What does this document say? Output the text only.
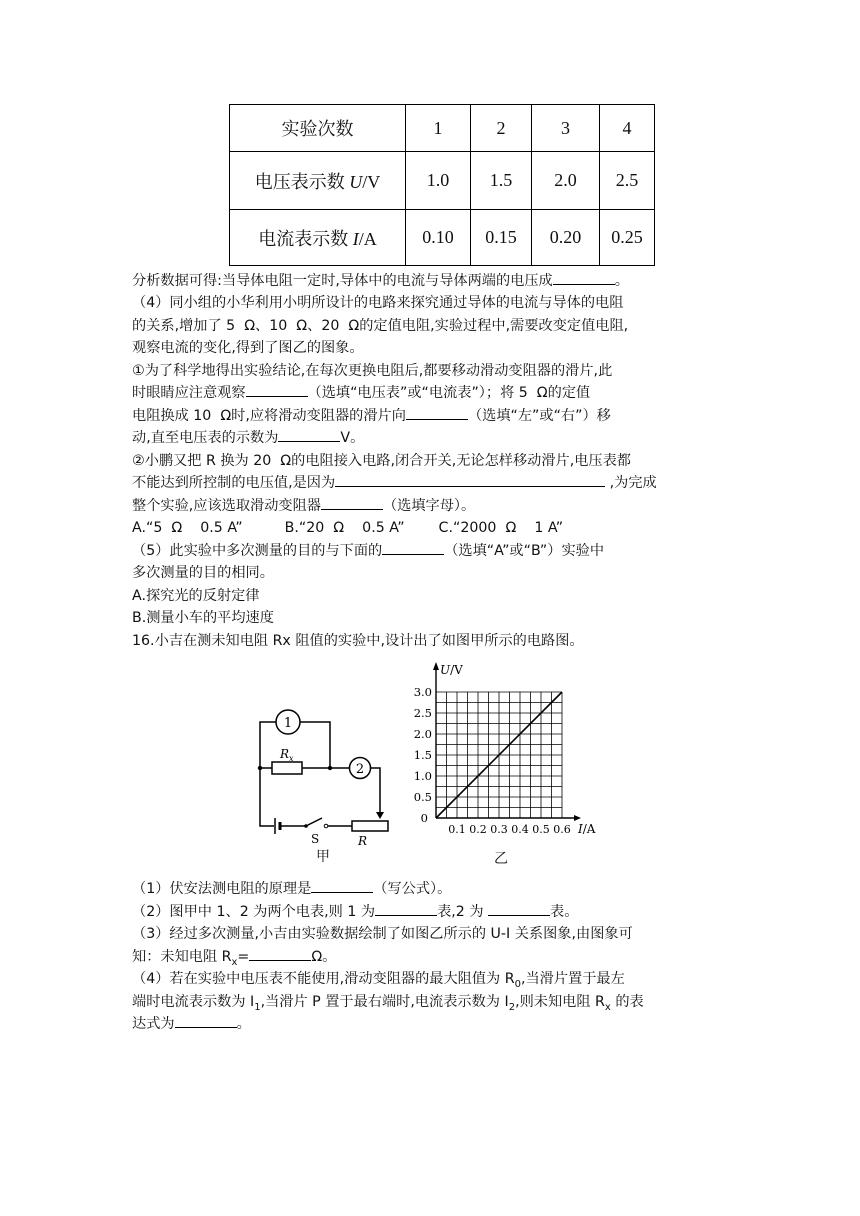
实验次数	1	2	3	4
电压表示数 U/V	1.0	1.5	2.0	2.5
电流表示数 I/A	0.10	0.15	0.20	0.25
分析数据可得:当导体电阻一定时,导体中的电流与导体两端的电压成	。
（4）同小组的小华利用小明所设计的电路来探究通过导体的电流与导体的电阻
的关系,增加了 5  Ω、10  Ω、20  Ω的定值电阻,实验过程中,需要改变定值电阻,
观察电流的变化,得到了图乙的图象。
①为了科学地得出实验结论,在每次更换电阻后,都要移动滑动变阻器的滑片,此
时眼睛应注意观察	（选填“电压表”或“电流表”）；将 5  Ω的定值
电阻换成 10  Ω时,应将滑动变阻器的滑片向	（选填“左”或“右”）移
动,直至电压表的示数为	V。
②小鹏又把 R 换为 20  Ω的电阻接入电路,闭合开关,无论怎样移动滑片,电压表都
不能达到所控制的电压值,是因为	,为完成
整个实验,应该选取滑动变阻器	（选填字母）。
A.“5  Ω    0.5 A”	B.“20  Ω    0.5 A” C.“2000  Ω    1 A”
（5）此实验中多次测量的目的与下面的	（选填“A”或“B”）实验中
多次测量的目的相同。
A.探究光的反射定律
B.测量小车的平均速度
16.小吉在测未知电阻 Rx 阻值的实验中,设计出了如图甲所示的电路图。
1
2
$R_x$
S	R
甲
0.5
1.0
1.5
2.0
2.5
3.0
0.1 0.2 0.3 0.4 0.5 0.6
0
U/V
I/A
乙
（1）伏安法测电阻的原理是	（写公式）。
（2）图甲中 1、2 为两个电表,则 1 为	表,2 为	表。
（3）经过多次测量,小吉由实验数据绘制了如图乙所示的 U-I 关系图象,由图象可
知：未知电阻 $R_x=$	Ω。
（4）若在实验中电压表不能使用,滑动变阻器的最大阻值为 $R_0$,当滑片置于最左
端时电流表示数为 $I_1$,当滑片 P 置于最右端时,电流表示数为 $I_2$,则未知电阻 $R_x$ 的表
达式为	。
